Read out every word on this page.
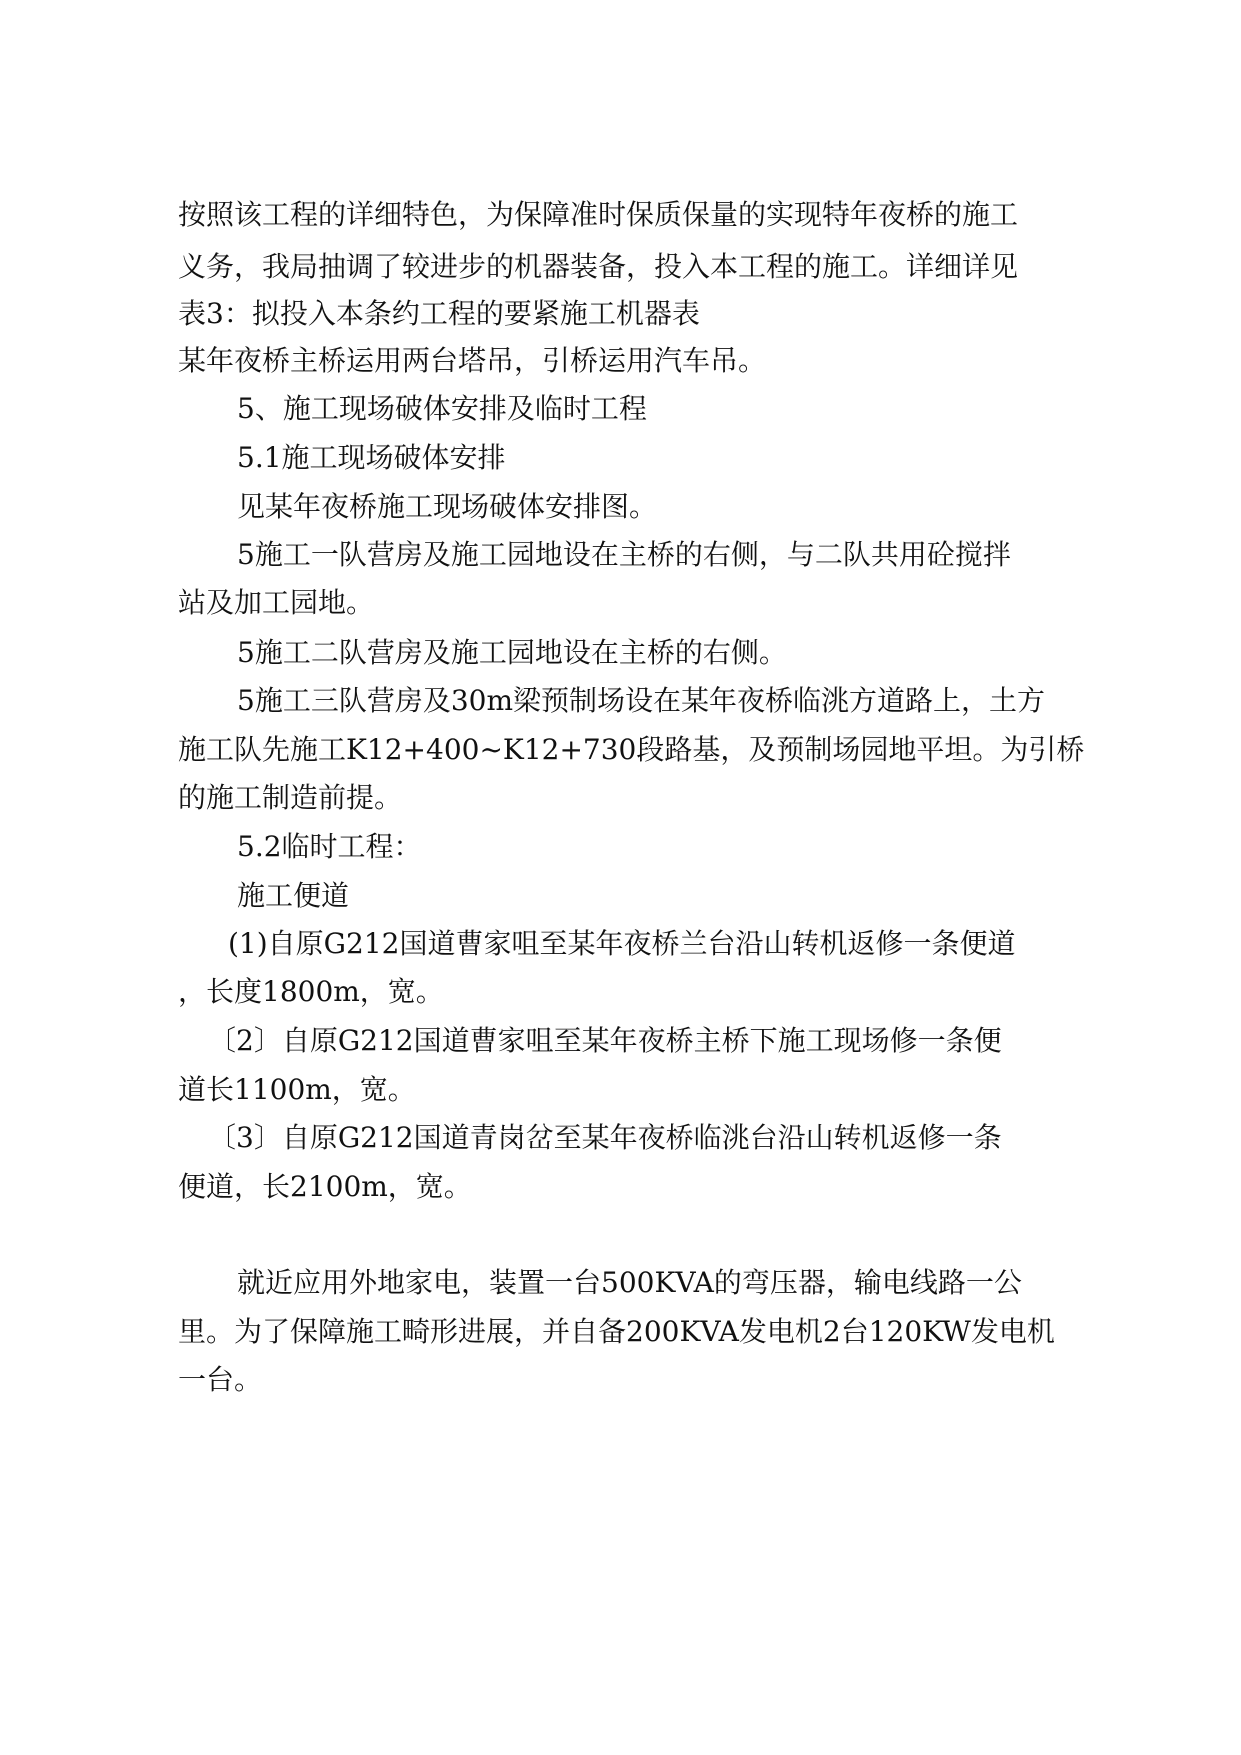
按照该工程的详细特色，为保障准时保质保量的实现特年夜桥的施工
义务，我局抽调了较进步的机器装备，投入本工程的施工。详细详见
表3：拟投入本条约工程的要紧施工机器表
某年夜桥主桥运用两台塔吊，引桥运用汽车吊。
5、施工现场破体安排及临时工程
5.1施工现场破体安排
见某年夜桥施工现场破体安排图。
5施工一队营房及施工园地设在主桥的右侧，与二队共用砼搅拌
站及加工园地。
5施工二队营房及施工园地设在主桥的右侧。
5施工三队营房及30m梁预制场设在某年夜桥临洮方道路上，土方
施工队先施工K12+400~K12+730段路基，及预制场园地平坦。为引桥
的施工制造前提。
5.2临时工程：
施工便道
(1)自原G212国道曹家咀至某年夜桥兰台沿山转机返修一条便道
，长度1800m，宽。
〔2〕自原G212国道曹家咀至某年夜桥主桥下施工现场修一条便
道长1100m，宽。
〔3〕自原G212国道青岗岔至某年夜桥临洮台沿山转机返修一条
便道，长2100m，宽。
就近应用外地家电，装置一台500KVA的弯压器，输电线路一公
里。为了保障施工畸形进展，并自备200KVA发电机2台120KW发电机
一台。
